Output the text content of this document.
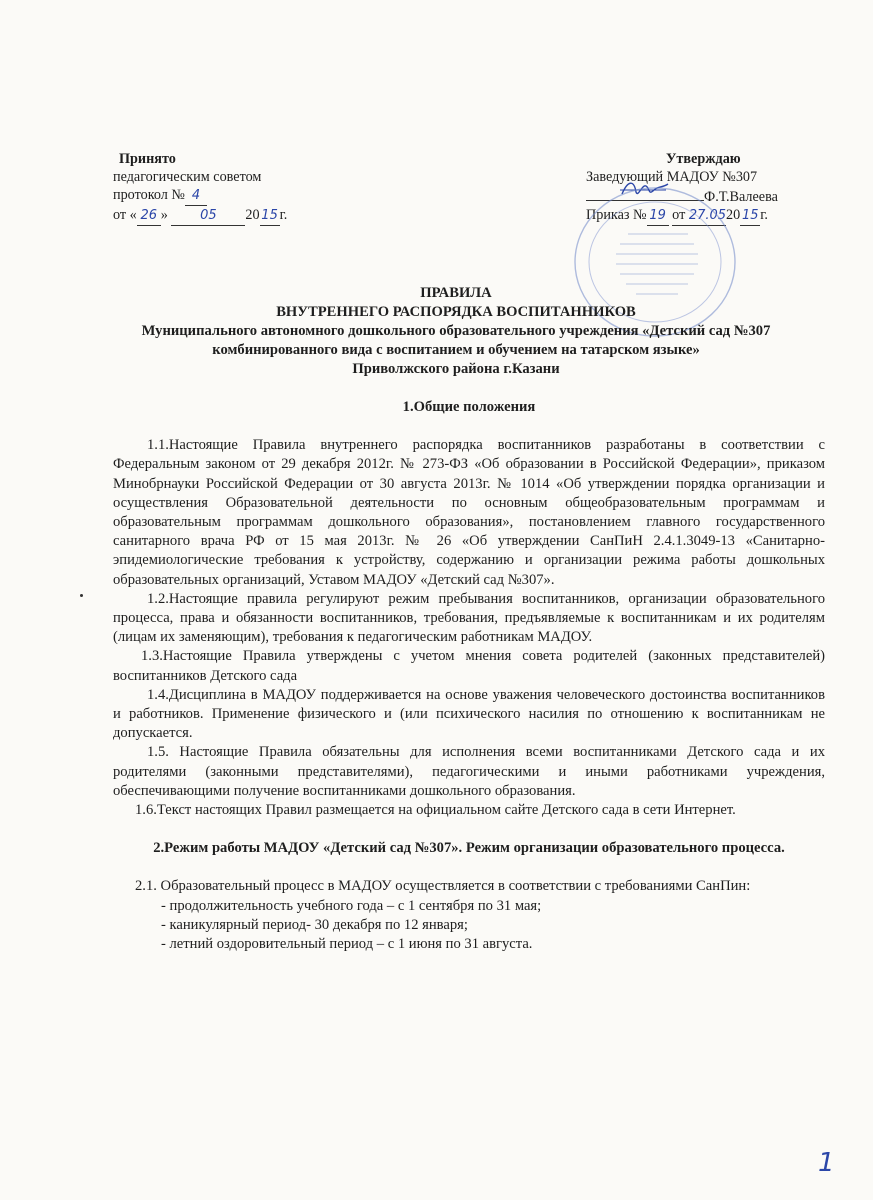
Принято
педагогическим советом
протокол № 4
от « 26 » 05 20 15 г.
Утверждаю
Заведующий МАДОУ №307
Ф.Т.Валеева
Приказ № 19 от 27.0520 15 г.
ПРАВИЛА
ВНУТРЕННЕГО РАСПОРЯДКА ВОСПИТАННИКОВ
Муниципального автономного дошкольного образовательного учреждения «Детский сад №307
комбинированного вида с воспитанием и обучением на татарском языке»
Приволжского района г.Казани
1.Общие положения

1.1.Настоящие Правила внутреннего распорядка воспитанников разработаны в соответствии с Федеральным законом от 29 декабря 2012г. № 273-ФЗ «Об образовании в Российской Федерации», приказом Минобрнауки Российской Федерации от 30 августа 2013г. № 1014 «Об утверждении порядка организации и осуществления Образовательной деятельности по основным общеобразовательным программам и образовательным программам дошкольного образования», постановлением главного государственного санитарного врача РФ от 15 мая 2013г. № 26 «Об утверждении СанПиН 2.4.1.3049-13 «Санитарно-эпидемиологические требования к устройству, содержанию и организации режима работы дошкольных образовательных организаций, Уставом МАДОУ «Детский сад №307».

1.2.Настоящие правила регулируют режим пребывания воспитанников, организации образовательного процесса, права и обязанности воспитанников, требования, предъявляемые к воспитанникам и их родителям (лицам их заменяющим), требования к педагогическим работникам МАДОУ.

1.3.Настоящие Правила утверждены с учетом мнения совета родителей (законных представителей) воспитанников Детского сада

1.4.Дисциплина в МАДОУ поддерживается на основе уважения человеческого достоинства воспитанников и работников. Применение физического и (или психического насилия по отношению к воспитанникам не допускается.

1.5. Настоящие Правила обязательны для исполнения всеми воспитанниками Детского сада и их родителями (законными представителями), педагогическими и иными работниками учреждения, обеспечивающими получение воспитанниками дошкольного образования.

1.6.Текст настоящих Правил размещается на официальном сайте Детского сада в сети Интернет.

2.Режим работы МАДОУ «Детский сад №307». Режим организации образовательного процесса.

2.1. Образовательный процесс в МАДОУ осуществляется в соответствии с требованиями СанПин:

- продолжительность учебного года – с 1 сентября по 31 мая;

- каникулярный период- 30 декабря по 12 января;

- летний оздоровительный период – с 1 июня по 31 августа.

1
